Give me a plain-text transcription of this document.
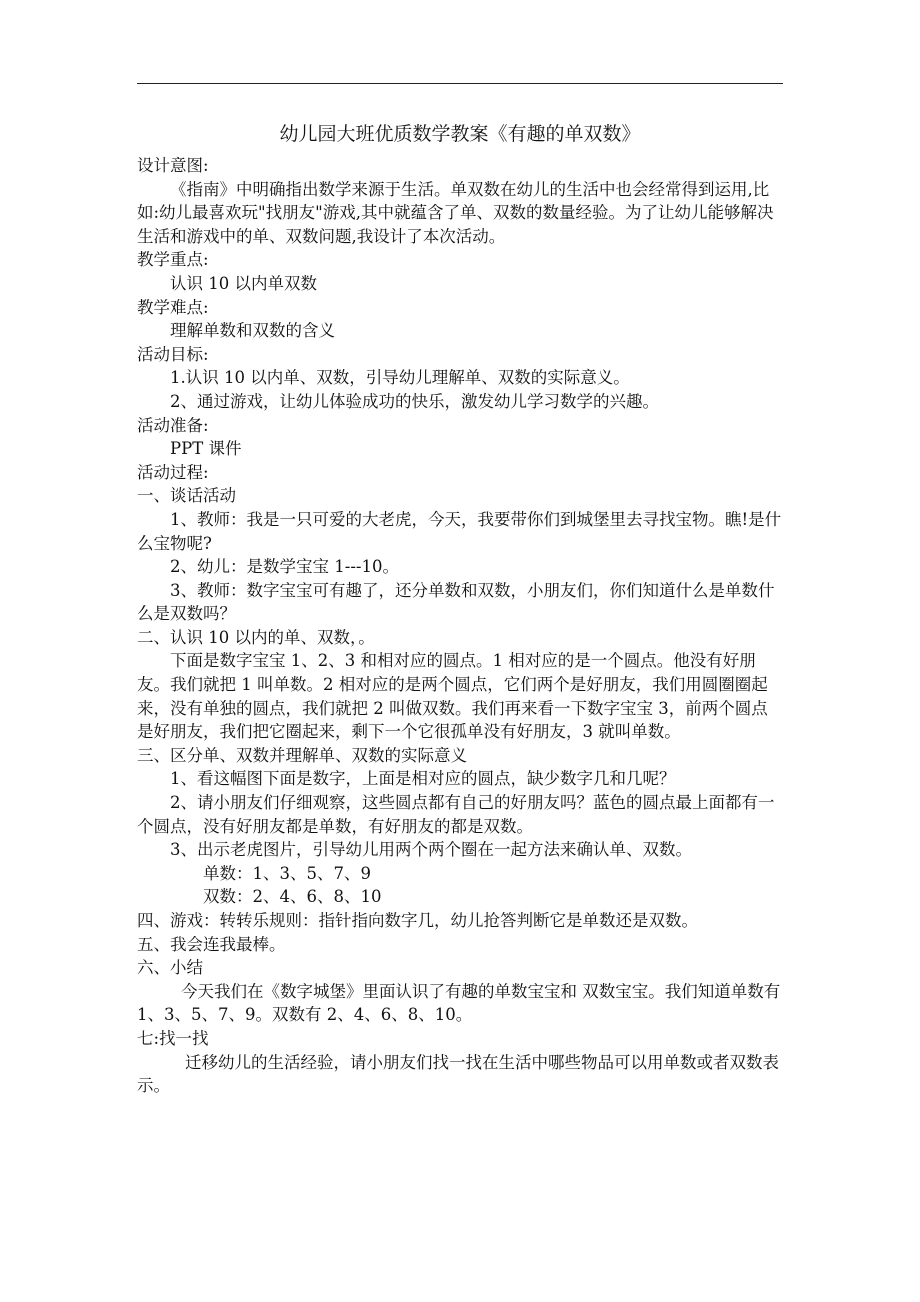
幼儿园大班优质数学教案《有趣的单双数》

设计意图:

《指南》中明确指出数学来源于生活。单双数在幼儿的生活中也会经常得到运用,比如:幼儿最喜欢玩"找朋友"游戏,其中就蕴含了单、双数的数量经验。为了让幼儿能够解决生活和游戏中的单、双数问题,我设计了本次活动。

教学重点:

认识 10 以内单双数

教学难点:

理解单数和双数的含义

活动目标:

1.认识 10 以内单、双数，引导幼儿理解单、双数的实际意义。

2、通过游戏，让幼儿体验成功的快乐，激发幼儿学习数学的兴趣。

活动准备:

PPT 课件

活动过程:

一、谈话活动

1、教师：我是一只可爱的大老虎，今天，我要带你们到城堡里去寻找宝物。瞧!是什么宝物呢?

2、幼儿：是数学宝宝 1---10。

3、教师：数字宝宝可有趣了，还分单数和双数，小朋友们，你们知道什么是单数什么是双数吗？

二、认识 10 以内的单、双数，。

下面是数字宝宝 1、2、3 和相对应的圆点。1 相对应的是一个圆点。他没有好朋友。我们就把 1 叫单数。2 相对应的是两个圆点，它们两个是好朋友，我们用圆圈圈起来，没有单独的圆点，我们就把 2 叫做双数。我们再来看一下数字宝宝 3，前两个圆点是好朋友，我们把它圈起来，剩下一个它很孤单没有好朋友，3 就叫单数。

三、区分单、双数并理解单、双数的实际意义

1、看这幅图下面是数字，上面是相对应的圆点，缺少数字几和几呢？

2、请小朋友们仔细观察，这些圆点都有自己的好朋友吗？蓝色的圆点最上面都有一个圆点，没有好朋友都是单数，有好朋友的都是双数。

3、出示老虎图片，引导幼儿用两个两个圈在一起方法来确认单、双数。

单数：1、3、5、7、9

双数：2、4、6、8、10

四、游戏：转转乐规则：指针指向数字几，幼儿抢答判断它是单数还是双数。

五、我会连我最棒。

六、小结

今天我们在《数字城堡》里面认识了有趣的单数宝宝和 双数宝宝。我们知道单数有 1、3、5、7、9。双数有 2、4、6、8、10。

七:找一找

迁移幼儿的生活经验，请小朋友们找一找在生活中哪些物品可以用单数或者双数表示。
